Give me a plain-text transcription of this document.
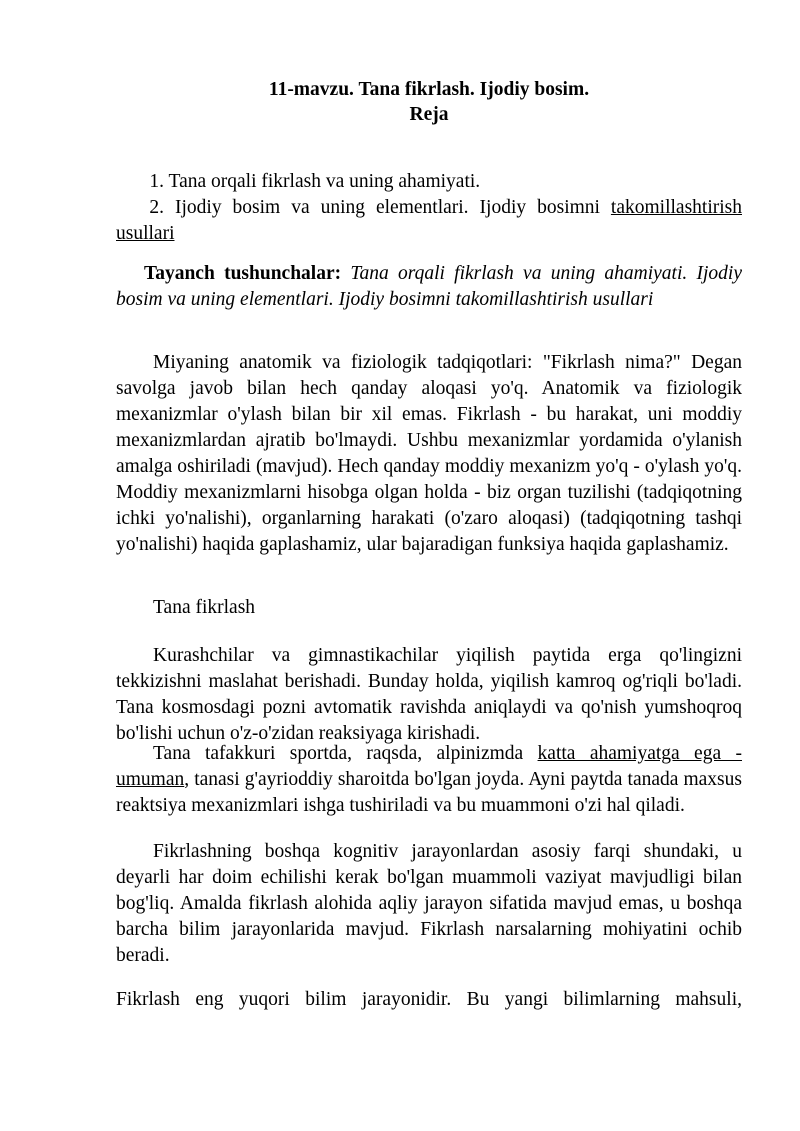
11-mavzu. Tana fikrlash. Ijodiy bosim.
Reja
1. Tana orqali fikrlash va uning ahamiyati.
2. Ijodiy bosim va uning elementlari. Ijodiy bosimni takomillashtirish usullari
Tayanch tushunchalar: Tana orqali fikrlash va uning ahamiyati. Ijodiy bosim va uning elementlari. Ijodiy bosimni takomillashtirish usullari

Miyaning anatomik va fiziologik tadqiqotlari: "Fikrlash nima?" Degan savolga javob bilan hech qanday aloqasi yo'q. Anatomik va fiziologik mexanizmlar o'ylash bilan bir xil emas. Fikrlash - bu harakat, uni moddiy mexanizmlardan ajratib bo'lmaydi. Ushbu mexanizmlar yordamida o'ylanish amalga oshiriladi (mavjud). Hech qanday moddiy mexanizm yo'q - o'ylash yo'q. Moddiy mexanizmlarni hisobga olgan holda - biz organ tuzilishi (tadqiqotning ichki yo'nalishi), organlarning harakati (o'zaro aloqasi) (tadqiqotning tashqi yo'nalishi) haqida gaplashamiz, ular bajaradigan funksiya haqida gaplashamiz.

Tana fikrlash

Kurashchilar va gimnastikachilar yiqilish paytida erga qo'lingizni tekkizishni maslahat berishadi. Bunday holda, yiqilish kamroq og'riqli bo'ladi. Tana kosmosdagi pozni avtomatik ravishda aniqlaydi va qo'nish yumshoqroq bo'lishi uchun o'z-o'zidan reaksiyaga kirishadi.

Tana tafakkuri sportda, raqsda, alpinizmda katta ahamiyatga ega - umuman, tanasi g'ayrioddiy sharoitda bo'lgan joyda. Ayni paytda tanada maxsus reaktsiya mexanizmlari ishga tushiriladi va bu muammoni o'zi hal qiladi.

Fikrlashning boshqa kognitiv jarayonlardan asosiy farqi shundaki, u deyarli har doim echilishi kerak bo'lgan muammoli vaziyat mavjudligi bilan bog'liq. Amalda fikrlash alohida aqliy jarayon sifatida mavjud emas, u boshqa barcha bilim jarayonlarida mavjud. Fikrlash narsalarning mohiyatini ochib beradi.

Fikrlash eng yuqori bilim jarayonidir. Bu yangi bilimlarning mahsuli,
